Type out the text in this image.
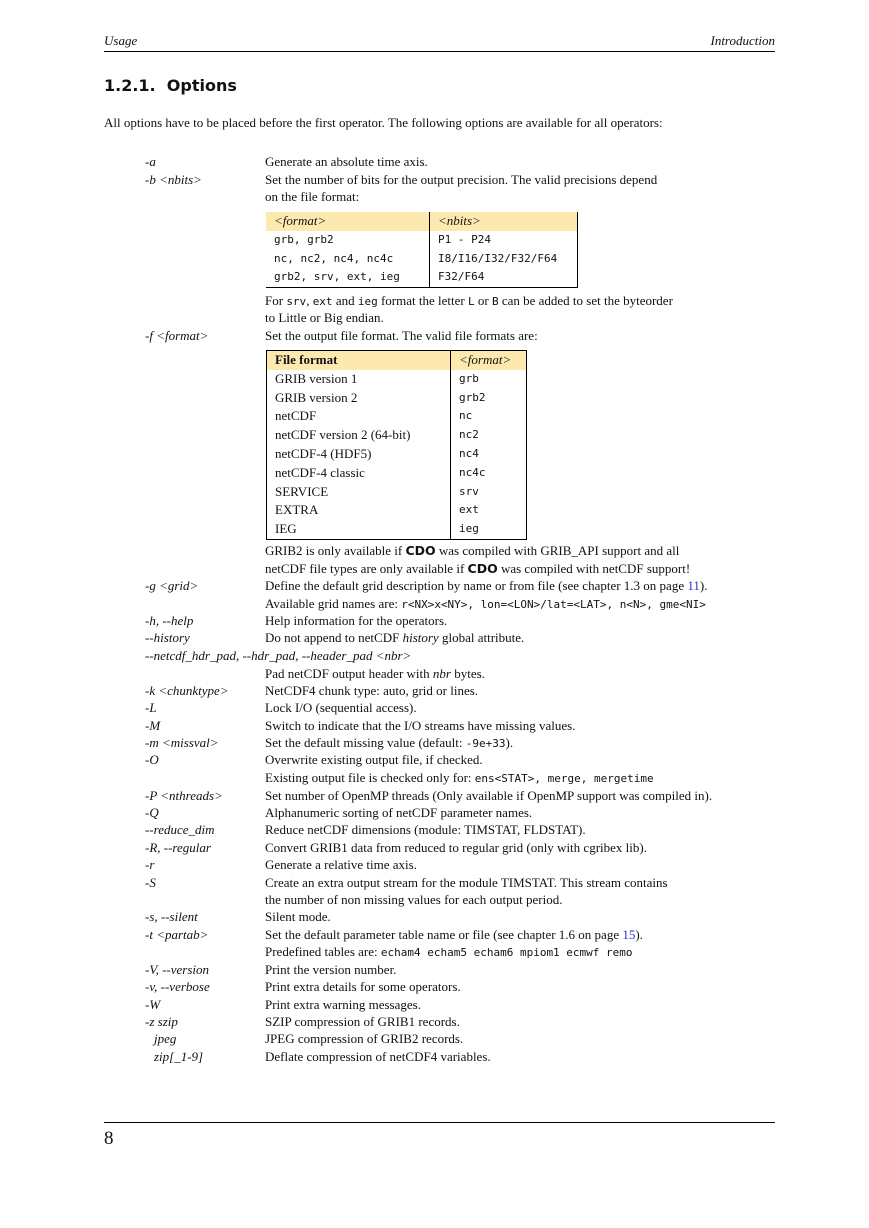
Usage	Introduction
1.2.1. Options
All options have to be placed before the first operator. The following options are available for all operators:
-a	Generate an absolute time axis.
-b <nbits>	Set the number of bits for the output precision. The valid precisions depend
on the file format:
<format>	<nbits>
grb, grb2	P1 - P24
nc, nc2, nc4, nc4c	I8/I16/I32/F32/F64
grb2, srv, ext, ieg	F32/F64
For srv, ext and ieg format the letter L or B can be added to set the byteorder
to Little or Big endian.
-f <format>	Set the output file format. The valid file formats are:
File format	<format>
GRIB version 1	grb
GRIB version 2	grb2
netCDF	nc
netCDF version 2 (64-bit)	nc2
netCDF-4 (HDF5)	nc4
netCDF-4 classic	nc4c
SERVICE	srv
EXTRA	ext
IEG	ieg
GRIB2 is only available if CDO was compiled with GRIB_API support and all
netCDF file types are only available if CDO was compiled with netCDF support!
-g <grid>	Define the default grid description by name or from file (see chapter 1.3 on page 11).
Available grid names are: r<NX>x<NY>, lon=<LON>/lat=<LAT>, n<N>, gme<NI>
-h, --help	Help information for the operators.
--history	Do not append to netCDF history global attribute.
--netcdf_hdr_pad, --hdr_pad, --header_pad <nbr>
Pad netCDF output header with nbr bytes.
-k <chunktype>	NetCDF4 chunk type: auto, grid or lines.
-L	Lock I/O (sequential access).
-M	Switch to indicate that the I/O streams have missing values.
-m <missval>	Set the default missing value (default: -9e+33).
-O	Overwrite existing output file, if checked.
Existing output file is checked only for: ens<STAT>, merge, mergetime
-P <nthreads>	Set number of OpenMP threads (Only available if OpenMP support was compiled in).
-Q	Alphanumeric sorting of netCDF parameter names.
--reduce_dim	Reduce netCDF dimensions (module: TIMSTAT, FLDSTAT).
-R, --regular	Convert GRIB1 data from reduced to regular grid (only with cgribex lib).
-r	Generate a relative time axis.
-S	Create an extra output stream for the module TIMSTAT. This stream contains
the number of non missing values for each output period.
-s, --silent	Silent mode.
-t <partab>	Set the default parameter table name or file (see chapter 1.6 on page 15).
Predefined tables are: echam4 echam5 echam6 mpiom1 ecmwf remo
-V, --version	Print the version number.
-v, --verbose	Print extra details for some operators.
-W	Print extra warning messages.
-z szip	SZIP compression of GRIB1 records.
jpeg	JPEG compression of GRIB2 records.
zip[_1-9]	Deflate compression of netCDF4 variables.
8
